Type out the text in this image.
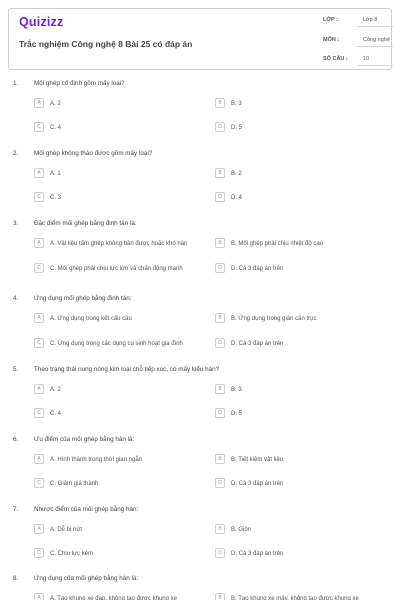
Quizizz
Trắc nghiệm Công nghệ 8 Bài 25 có đáp án
LỚP :	Lớp 8
MÔN :	Công nghệ
SỐ CÂU :	10
1. Mối ghép cố định gồm mấy loại?
A	A. 2	B	B. 3
C	C. 4	D	D. 5
2. Mối ghép không tháo được gồm mấy loại?
A	A. 1	B	B. 2
C	C. 3	D	D. 4
3. Đặc điểm mối ghép bằng đinh tán là:
A	A. Vật liệu tấm ghép không hàn được hoặc khó hàn	B	B. Mối ghép phải chịu nhiệt độ cao
C	C. Mối ghép phải chịu lực lớn và chấn động mạnh	D	D. Cả 3 đáp án trên
4. Ứng dụng mối ghép bằng đinh tán:
A	A. Ứng dụng trong kết cấu cầu	B	B. Ứng dụng trong giàn cần trục
C	C. Ứng dụng trong các dụng cụ sinh hoạt gia đình	D	D. Cả 3 đáp án trên
5. Theo trạng thái nung nóng kim loại chỗ tiếp xúc, có mấy kiểu hàn?
A	A. 2	B	B. 3
C	C. 4	D	D. 5
6. Ưu điểm của mối ghép bằng hàn là:
A	A. Hình thành trong thời gian ngắn	B	B. Tiết kiệm vật liệu
C	C. Giảm giá thành	D	D. Cả 3 đáp án trên
7. Nhược điểm của mối ghép bằng hàn:
A	A. Dễ bị nứt	B	B. Giòn
C	C. Chịu lực kém	D	D. Cả 3 đáp án trên
8. Ứng dụng của mối ghép bằng hàn là:
A	A. Tạo khung xe đạp, không tạo được khung xe	B	B. Tạo khung xe máy, không tạo được khung xe
